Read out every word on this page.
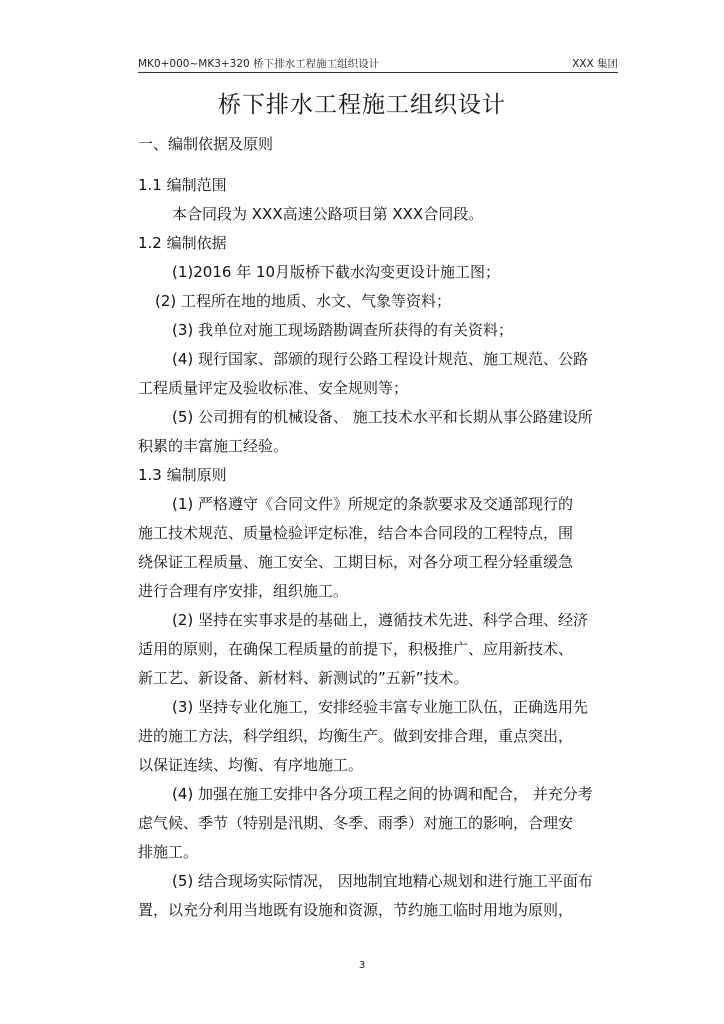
MK0+000~MK3+320 桥下排水工程施工组织设计	XXX 集团
桥下排水工程施工组织设计
一、编制依据及原则
1.1 编制范围
本合同段为 XXX高速公路项目第 XXX合同段。
1.2 编制依据
(1)2016 年 10月版桥下截水沟变更设计施工图；
(2) 工程所在地的地质、水文、气象等资料；
(3) 我单位对施工现场踏勘调查所获得的有关资料；
(4) 现行国家、部颁的现行公路工程设计规范、施工规范、公路
工程质量评定及验收标准、安全规则等；
(5) 公司拥有的机械设备、 施工技术水平和长期从事公路建设所
积累的丰富施工经验。
1.3 编制原则
(1) 严格遵守《合同文件》所规定的条款要求及交通部现行的
施工技术规范、质量检验评定标准，结合本合同段的工程特点，围
绕保证工程质量、施工安全、工期目标，对各分项工程分轻重缓急
进行合理有序安排，组织施工。
(2) 坚持在实事求是的基础上，遵循技术先进、科学合理、经济
适用的原则，在确保工程质量的前提下，积极推广、应用新技术、
新工艺、新设备、新材料、新测试的”五新”技术。
(3) 坚持专业化施工，安排经验丰富专业施工队伍，正确选用先
进的施工方法，科学组织，均衡生产。做到安排合理，重点突出，
以保证连续、均衡、有序地施工。
(4) 加强在施工安排中各分项工程之间的协调和配合， 并充分考
虑气候、季节（特别是汛期、冬季、雨季）对施工的影响，合理安
排施工。
(5) 结合现场实际情况， 因地制宜地精心规划和进行施工平面布
置，以充分利用当地既有设施和资源，节约施工临时用地为原则，
3
